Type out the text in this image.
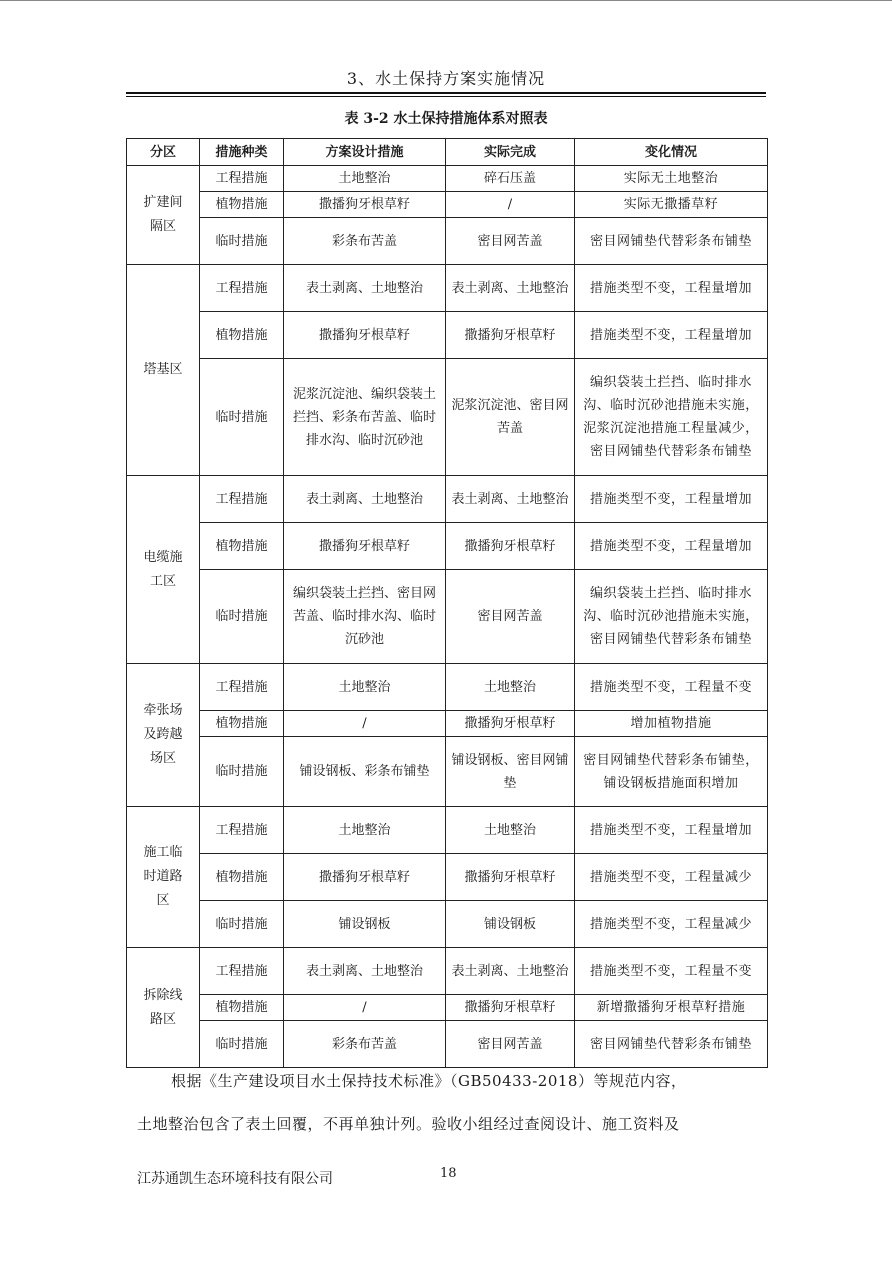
3、水土保持方案实施情况
表 3-2 水土保持措施体系对照表
分区	措施种类	方案设计措施	实际完成	变化情况
扩建间隔区	工程措施	土地整治	碎石压盖	实际无土地整治
	植物措施	撒播狗牙根草籽	/	实际无撒播草籽
	临时措施	彩条布苦盖	密目网苦盖	密目网铺垫代替彩条布铺垫
塔基区	工程措施	表土剥离、土地整治	表土剥离、土地整治	措施类型不变，工程量增加
	植物措施	撒播狗牙根草籽	撒播狗牙根草籽	措施类型不变，工程量增加
	临时措施	泥浆沉淀池、编织袋装土拦挡、彩条布苦盖、临时排水沟、临时沉砂池	泥浆沉淀池、密目网苦盖	编织袋装土拦挡、临时排水沟、临时沉砂池措施未实施，泥浆沉淀池措施工程量减少，密目网铺垫代替彩条布铺垫
电缆施工区	工程措施	表土剥离、土地整治	表土剥离、土地整治	措施类型不变，工程量增加
	植物措施	撒播狗牙根草籽	撒播狗牙根草籽	措施类型不变，工程量增加
	临时措施	编织袋装土拦挡、密目网苦盖、临时排水沟、临时沉砂池	密目网苦盖	编织袋装土拦挡、临时排水沟、临时沉砂池措施未实施，密目网铺垫代替彩条布铺垫
牵张场及跨越场区	工程措施	土地整治	土地整治	措施类型不变，工程量不变
	植物措施	/	撒播狗牙根草籽	增加植物措施
	临时措施	铺设钢板、彩条布铺垫	铺设钢板、密目网铺垫	密目网铺垫代替彩条布铺垫，铺设钢板措施面积增加
施工临时道路区	工程措施	土地整治	土地整治	措施类型不变，工程量增加
	植物措施	撒播狗牙根草籽	撒播狗牙根草籽	措施类型不变，工程量减少
	临时措施	铺设钢板	铺设钢板	措施类型不变，工程量减少
拆除线路区	工程措施	表土剥离、土地整治	表土剥离、土地整治	措施类型不变，工程量不变
	植物措施	/	撒播狗牙根草籽	新增撒播狗牙根草籽措施
	临时措施	彩条布苦盖	密目网苦盖	密目网铺垫代替彩条布铺垫
根据《生产建设项目水土保持技术标准》（GB50433-2018）等规范内容，
土地整治包含了表土回覆，不再单独计列。验收小组经过查阅设计、施工资料及
江苏通凯生态环境科技有限公司	18
